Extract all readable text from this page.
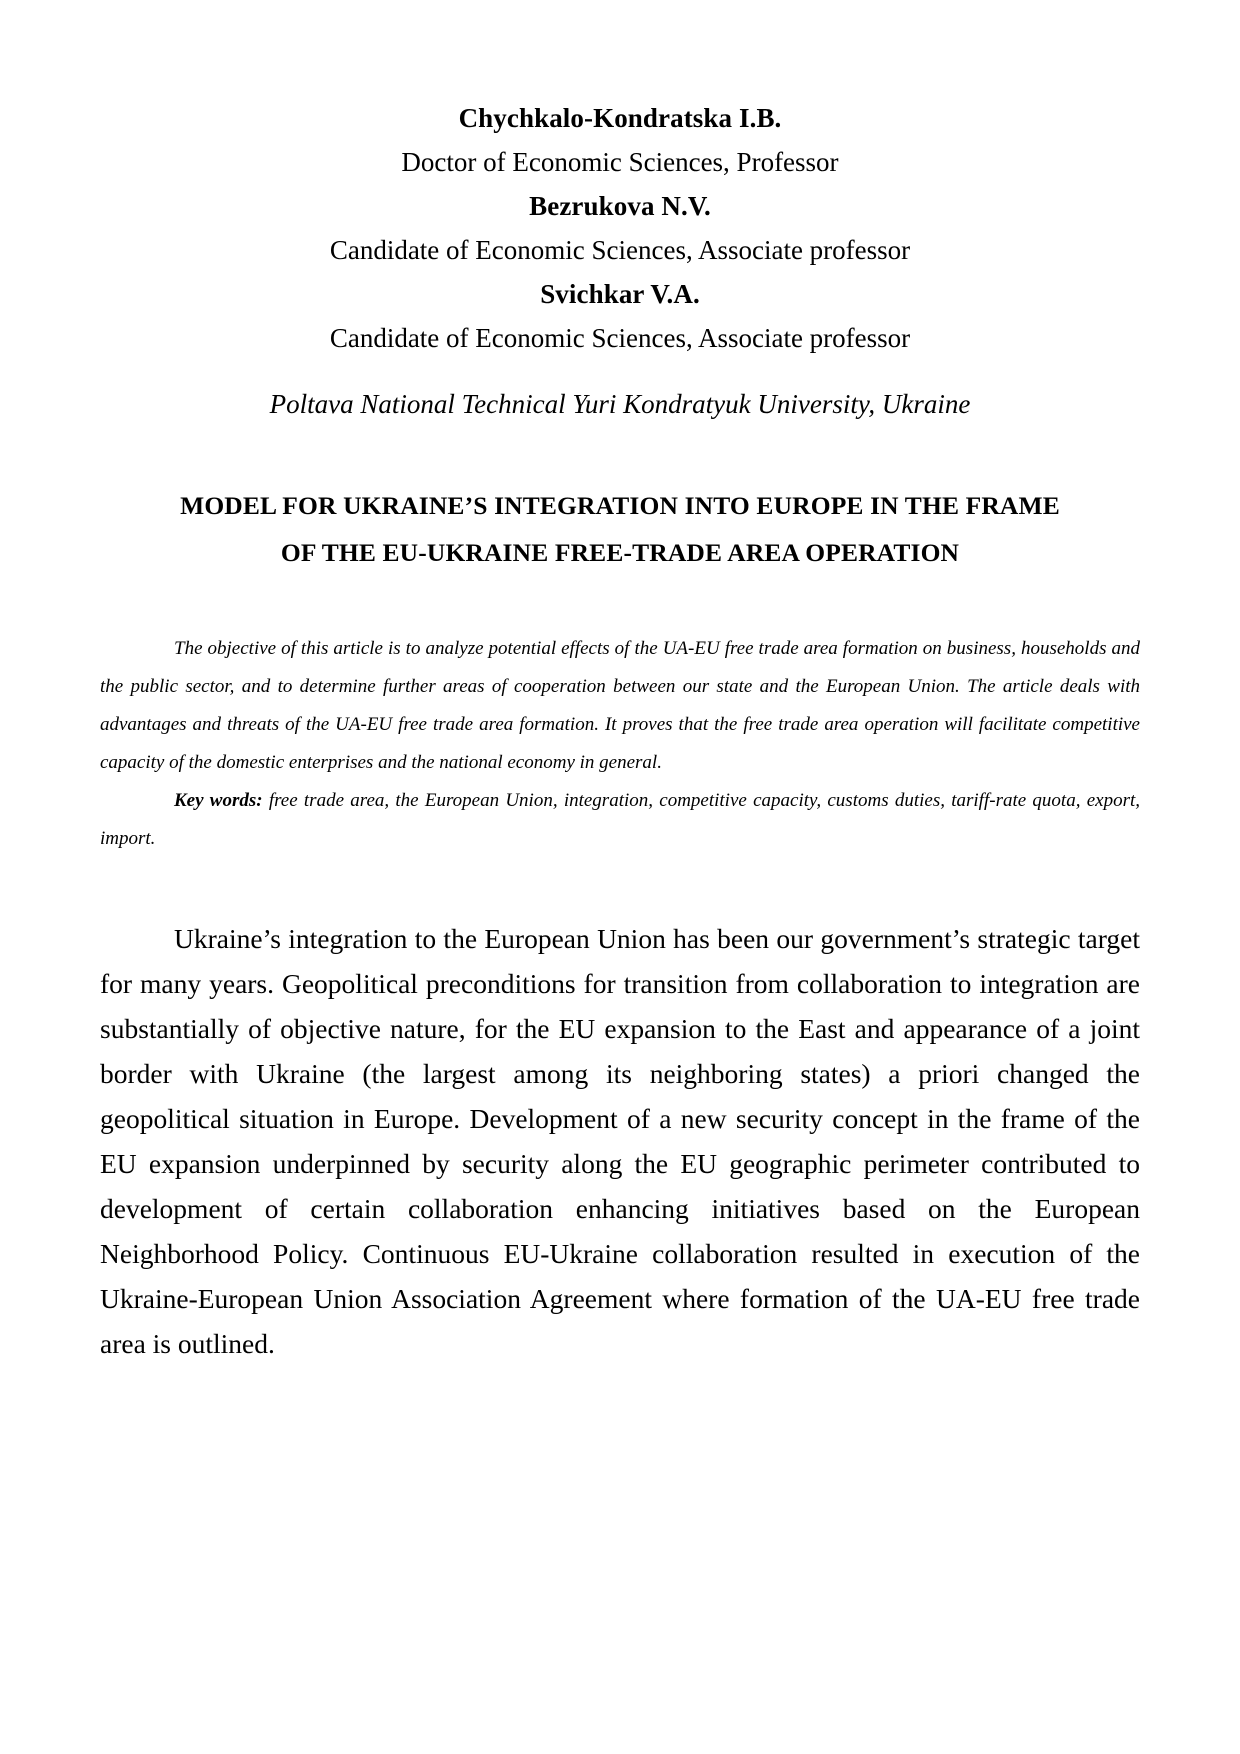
Chychkalo-Kondratska I.B.
Doctor of Economic Sciences, Professor
Bezrukova N.V.
Candidate of Economic Sciences, Associate professor
Svichkar V.A.
Candidate of Economic Sciences, Associate professor
Poltava National Technical Yuri Kondratyuk University, Ukraine
MODEL FOR UKRAINE’S INTEGRATION INTO EUROPE IN THE FRAME
OF THE EU-UKRAINE FREE-TRADE AREA OPERATION

The objective of this article is to analyze potential effects of the UA-EU free trade area formation on business, households and the public sector, and to determine further areas of cooperation between our state and the European Union. The article deals with advantages and threats of the UA-EU free trade area formation. It proves that the free trade area operation will facilitate competitive capacity of the domestic enterprises and the national economy in general.

Key words: free trade area, the European Union, integration, competitive capacity, customs duties, tariff-rate quota, export, import.

Ukraine’s integration to the European Union has been our government’s strategic target for many years. Geopolitical preconditions for transition from collaboration to integration are substantially of objective nature, for the EU expansion to the East and appearance of a joint border with Ukraine (the largest among its neighboring states) a priori changed the geopolitical situation in Europe. Development of a new security concept in the frame of the EU expansion underpinned by security along the EU geographic perimeter contributed to development of certain collaboration enhancing initiatives based on the European Neighborhood Policy. Continuous EU-Ukraine collaboration resulted in execution of the Ukraine-European Union Association Agreement where formation of the UA-EU free trade area is outlined.
